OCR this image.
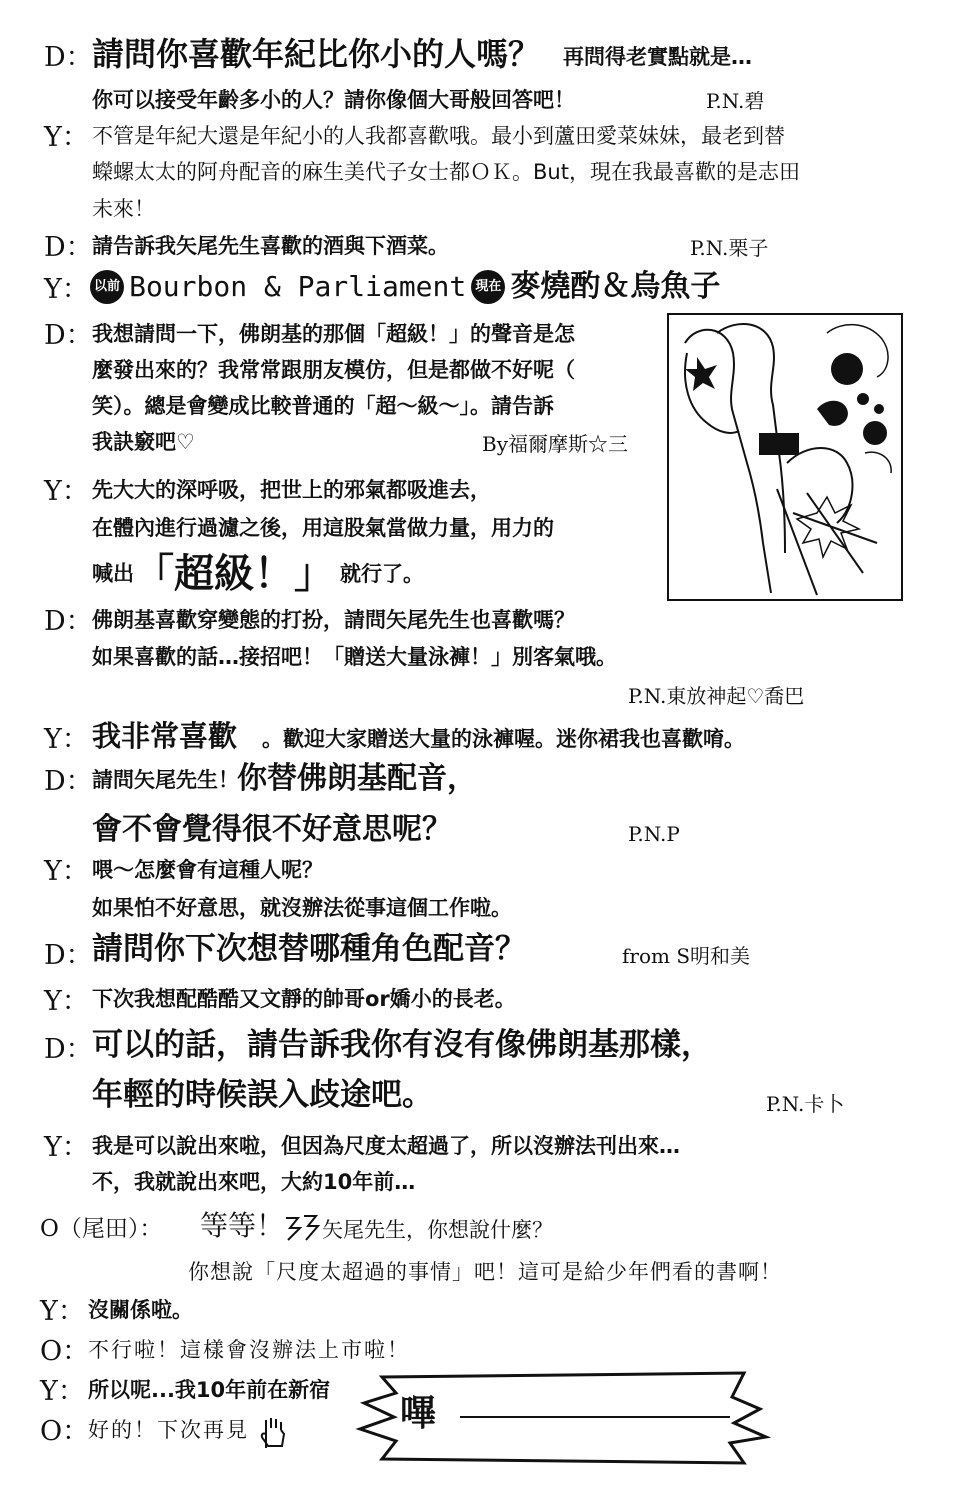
D： 請問你喜歡年紀比你小的人嗎？ 再問得老實點就是…
你可以接受年齡多小的人？請你像個大哥般回答吧！	P.N.碧
Y： 不管是年紀大還是年紀小的人我都喜歡哦。最小到蘆田愛菜妹妹，最老到替
蠑螺太太的阿舟配音的麻生美代子女士都ＯＫ。But，現在我最喜歡的是志田
未來！
D： 請告訴我矢尾先生喜歡的酒與下酒菜。	P.N.栗子
Y： 以前 Bourbon & Parliament 現在 麥燒酌＆烏魚子
D： 我想請問一下，佛朗基的那個「超級！」的聲音是怎
麼發出來的？我常常跟朋友模仿，但是都做不好呢（
笑）。總是會變成比較普通的「超～級～」。請告訴
我訣竅吧♡	By福爾摩斯☆三
Y： 先大大的深呼吸，把世上的邪氣都吸進去，
在體內進行過濾之後，用這股氣當做力量，用力的
喊出「超級！」 就行了。
D： 佛朗基喜歡穿變態的打扮，請問矢尾先生也喜歡嗎？
如果喜歡的話…接招吧！「贈送大量泳褲！」別客氣哦。
P.N.東放神起♡喬巴
Y： 我非常喜歡 。歡迎大家贈送大量的泳褲喔。迷你裙我也喜歡唷。
D： 請問矢尾先生！
你替佛朗基配音，
會不會覺得很不好意思呢？	P.N.P
Y： 喂～怎麼會有這種人呢？
如果怕不好意思，就沒辦法從事這個工作啦。
D： 請問你下次想替哪種角色配音？	from S明和美
Y： 下次我想配酷酷又文靜的帥哥or嬌小的長老。
D： 可以的話，請告訴我你有沒有像佛朗基那樣，
年輕的時候誤入歧途吧。	P.N.卡卜
Y： 我是可以說出來啦，但因為尺度太超過了，所以沒辦法刊出來…
不，我就說出來吧，大約10年前…
O（尾田）： 等等！ 矢尾先生，你想說什麼？
你想說「尺度太超過的事情」吧！這可是給少年們看的書啊！
Y： 沒關係啦。
O：
不行啦！這樣會沒辦法上市啦！
Y： 所以呢...我10年前在新宿
O：
好的！下次再見	嗶
